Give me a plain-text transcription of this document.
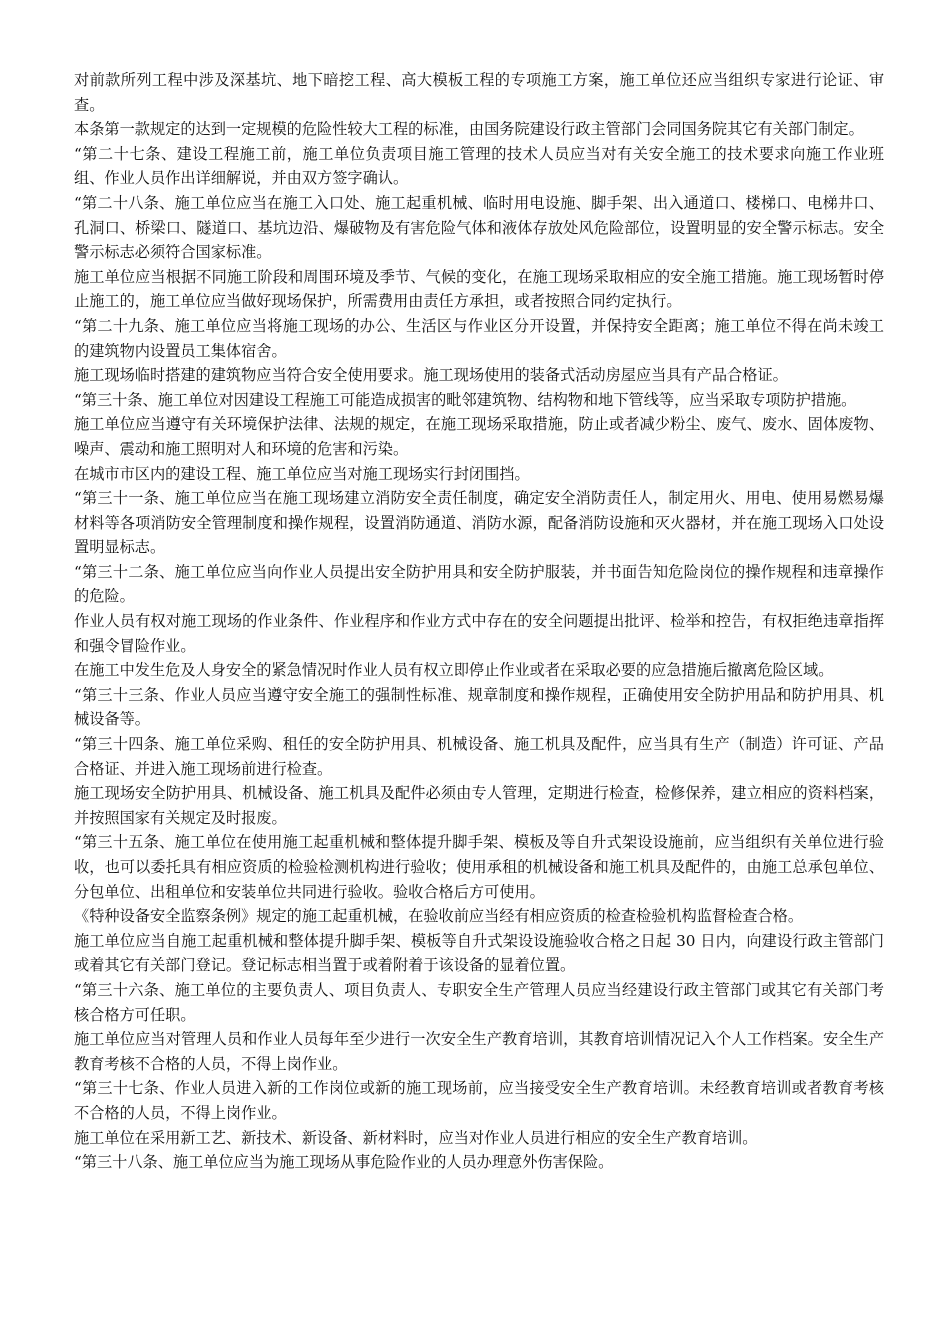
对前款所列工程中涉及深基坑、地下暗挖工程、高大模板工程的专项施工方案，施工单位还应当组织专家进行论证、审查。

本条第一款规定的达到一定规模的危险性较大工程的标准，由国务院建设行政主管部门会同国务院其它有关部门制定。

“第二十七条、建设工程施工前，施工单位负责项目施工管理的技术人员应当对有关安全施工的技术要求向施工作业班组、作业人员作出详细解说，并由双方签字确认。

“第二十八条、施工单位应当在施工入口处、施工起重机械、临时用电设施、脚手架、出入通道口、楼梯口、电梯井口、孔洞口、桥梁口、隧道口、基坑边沿、爆破物及有害危险气体和液体存放处风危险部位，设置明显的安全警示标志。安全警示标志必须符合国家标准。

施工单位应当根据不同施工阶段和周围环境及季节、气候的变化，在施工现场采取相应的安全施工措施。施工现场暂时停止施工的，施工单位应当做好现场保护，所需费用由责任方承担，或者按照合同约定执行。

“第二十九条、施工单位应当将施工现场的办公、生活区与作业区分开设置，并保持安全距离；施工单位不得在尚未竣工的建筑物内设置员工集体宿舍。

施工现场临时搭建的建筑物应当符合安全使用要求。施工现场使用的装备式活动房屋应当具有产品合格证。

“第三十条、施工单位对因建设工程施工可能造成损害的毗邻建筑物、结构物和地下管线等，应当采取专项防护措施。

施工单位应当遵守有关环境保护法律、法规的规定，在施工现场采取措施，防止或者减少粉尘、废气、废水、固体废物、噪声、震动和施工照明对人和环境的危害和污染。

在城市市区内的建设工程、施工单位应当对施工现场实行封闭围挡。

“第三十一条、施工单位应当在施工现场建立消防安全责任制度，确定安全消防责任人，制定用火、用电、使用易燃易爆材料等各项消防安全管理制度和操作规程，设置消防通道、消防水源，配备消防设施和灭火器材，并在施工现场入口处设置明显标志。

“第三十二条、施工单位应当向作业人员提出安全防护用具和安全防护服装，并书面告知危险岗位的操作规程和违章操作的危险。

作业人员有权对施工现场的作业条件、作业程序和作业方式中存在的安全问题提出批评、检举和控告，有权拒绝违章指挥和强令冒险作业。

在施工中发生危及人身安全的紧急情况时作业人员有权立即停止作业或者在采取必要的应急措施后撤离危险区域。

“第三十三条、作业人员应当遵守安全施工的强制性标准、规章制度和操作规程，正确使用安全防护用品和防护用具、机械设备等。

“第三十四条、施工单位采购、租任的安全防护用具、机械设备、施工机具及配件，应当具有生产（制造）许可证、产品合格证、并进入施工现场前进行检查。

施工现场安全防护用具、机械设备、施工机具及配件必须由专人管理，定期进行检查，检修保养，建立相应的资料档案，并按照国家有关规定及时报废。

“第三十五条、施工单位在使用施工起重机械和整体提升脚手架、模板及等自升式架设设施前，应当组织有关单位进行验收，也可以委托具有相应资质的检验检测机构进行验收；使用承租的机械设备和施工机具及配件的，由施工总承包单位、分包单位、出租单位和安装单位共同进行验收。验收合格后方可使用。

《特种设备安全监察条例》规定的施工起重机械，在验收前应当经有相应资质的检查检验机构监督检查合格。

施工单位应当自施工起重机械和整体提升脚手架、模板等自升式架设设施验收合格之日起 30 日内，向建设行政主管部门或着其它有关部门登记。登记标志相当置于或着附着于该设备的显着位置。

“第三十六条、施工单位的主要负责人、项目负责人、专职安全生产管理人员应当经建设行政主管部门或其它有关部门考核合格方可任职。

施工单位应当对管理人员和作业人员每年至少进行一次安全生产教育培训，其教育培训情况记入个人工作档案。安全生产教育考核不合格的人员，不得上岗作业。

“第三十七条、作业人员进入新的工作岗位或新的施工现场前，应当接受安全生产教育培训。未经教育培训或者教育考核不合格的人员，不得上岗作业。

施工单位在采用新工艺、新技术、新设备、新材料时，应当对作业人员进行相应的安全生产教育培训。

“第三十八条、施工单位应当为施工现场从事危险作业的人员办理意外伤害保险。
